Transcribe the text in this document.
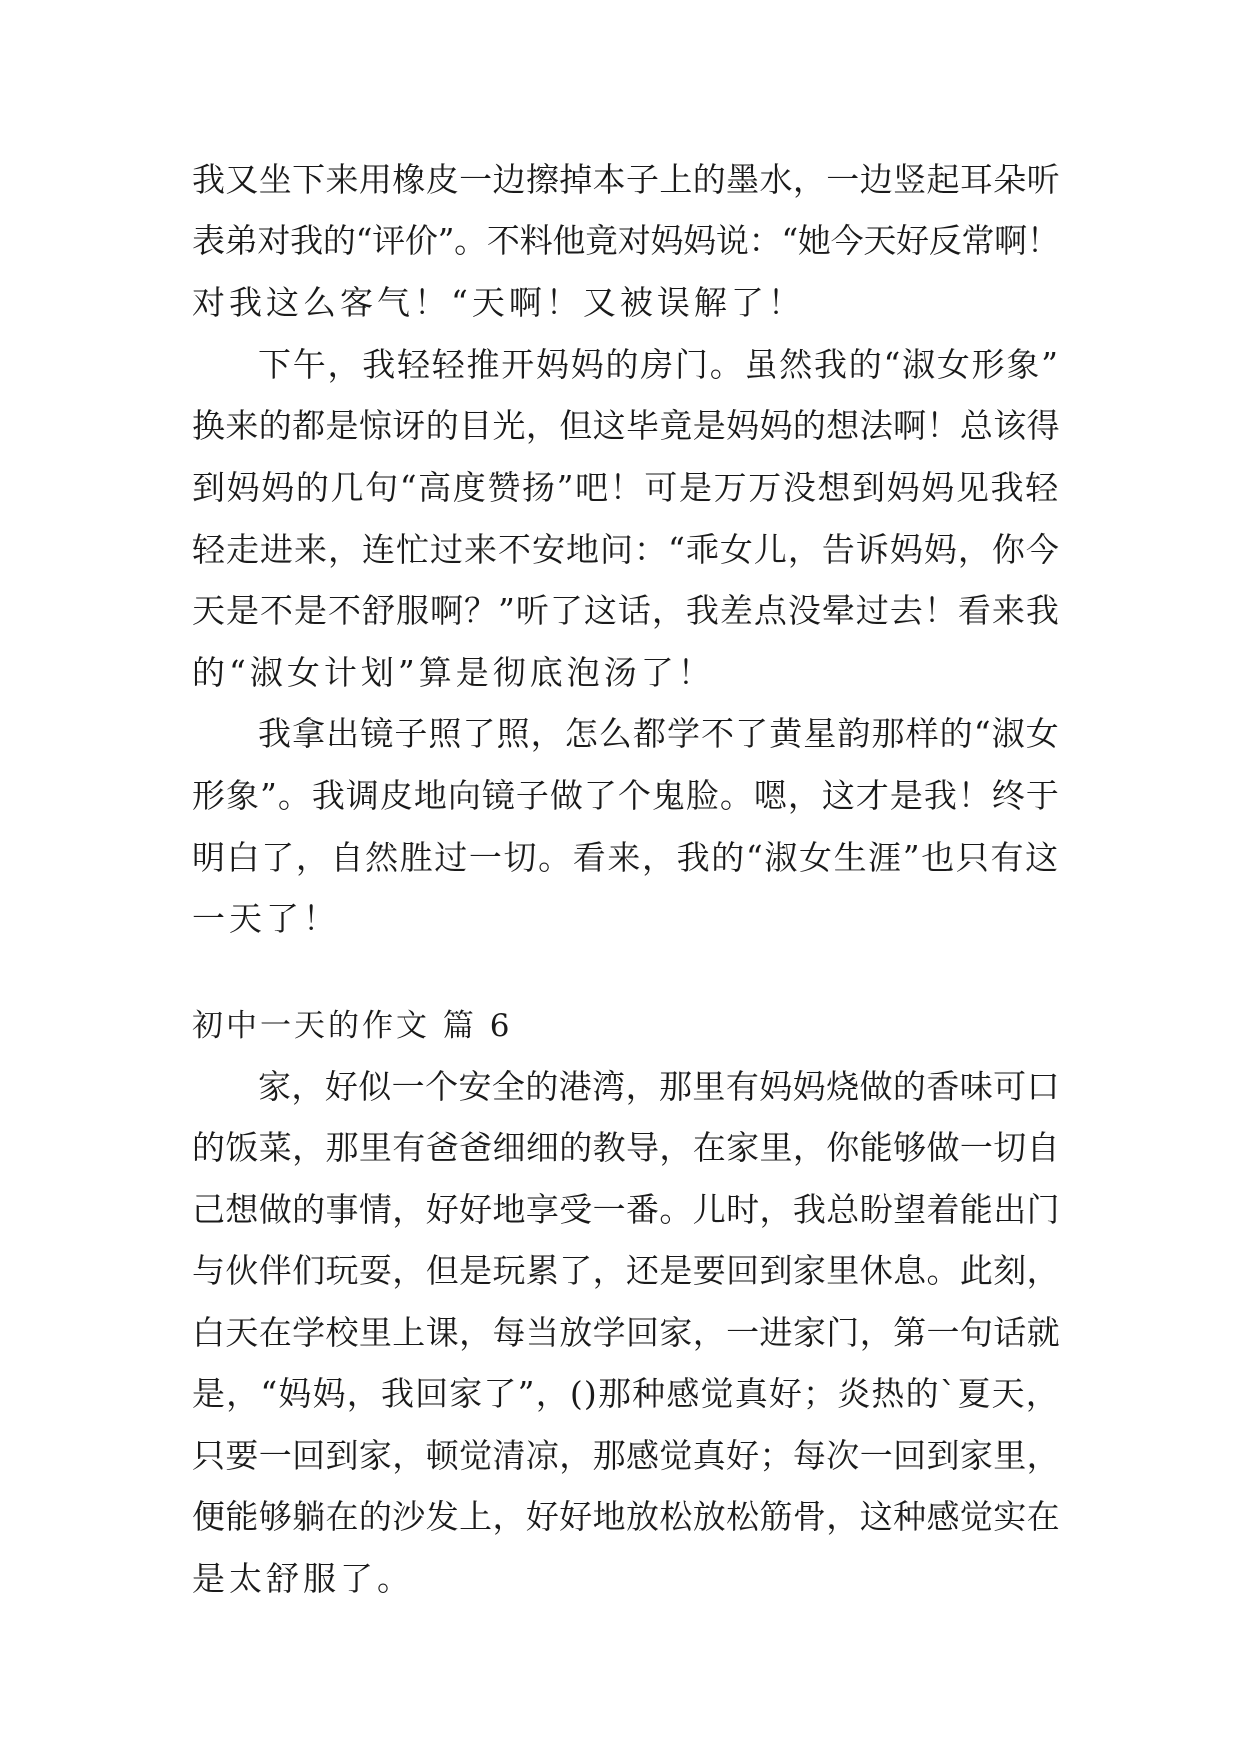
我又坐下来用橡皮一边擦掉本子上的墨水，一边竖起耳朵听
表弟对我的“评价”。不料他竟对妈妈说：“她今天好反常啊！
对我这么客气！“天啊！又被误解了！
下午，我轻轻推开妈妈的房门。虽然我的“淑女形象”
换来的都是惊讶的目光，但这毕竟是妈妈的想法啊！总该得
到妈妈的几句“高度赞扬”吧！可是万万没想到妈妈见我轻
轻走进来，连忙过来不安地问：“乖女儿，告诉妈妈，你今
天是不是不舒服啊？”听了这话，我差点没晕过去！看来我
的“淑女计划”算是彻底泡汤了！
我拿出镜子照了照，怎么都学不了黄星韵那样的“淑女
形象”。我调皮地向镜子做了个鬼脸。嗯，这才是我！终于
明白了，自然胜过一切。看来，我的“淑女生涯”也只有这
一天了！
初中一天的作文 篇 6
家，好似一个安全的港湾，那里有妈妈烧做的香味可口
的饭菜，那里有爸爸细细的教导，在家里，你能够做一切自
己想做的事情，好好地享受一番。儿时，我总盼望着能出门
与伙伴们玩耍，但是玩累了，还是要回到家里休息。此刻，
白天在学校里上课，每当放学回家，一进家门，第一句话就
是，“妈妈，我回家了”，()那种感觉真好；炎热的`夏天，
只要一回到家，顿觉清凉，那感觉真好；每次一回到家里，
便能够躺在的沙发上，好好地放松放松筋骨，这种感觉实在
是太舒服了。
